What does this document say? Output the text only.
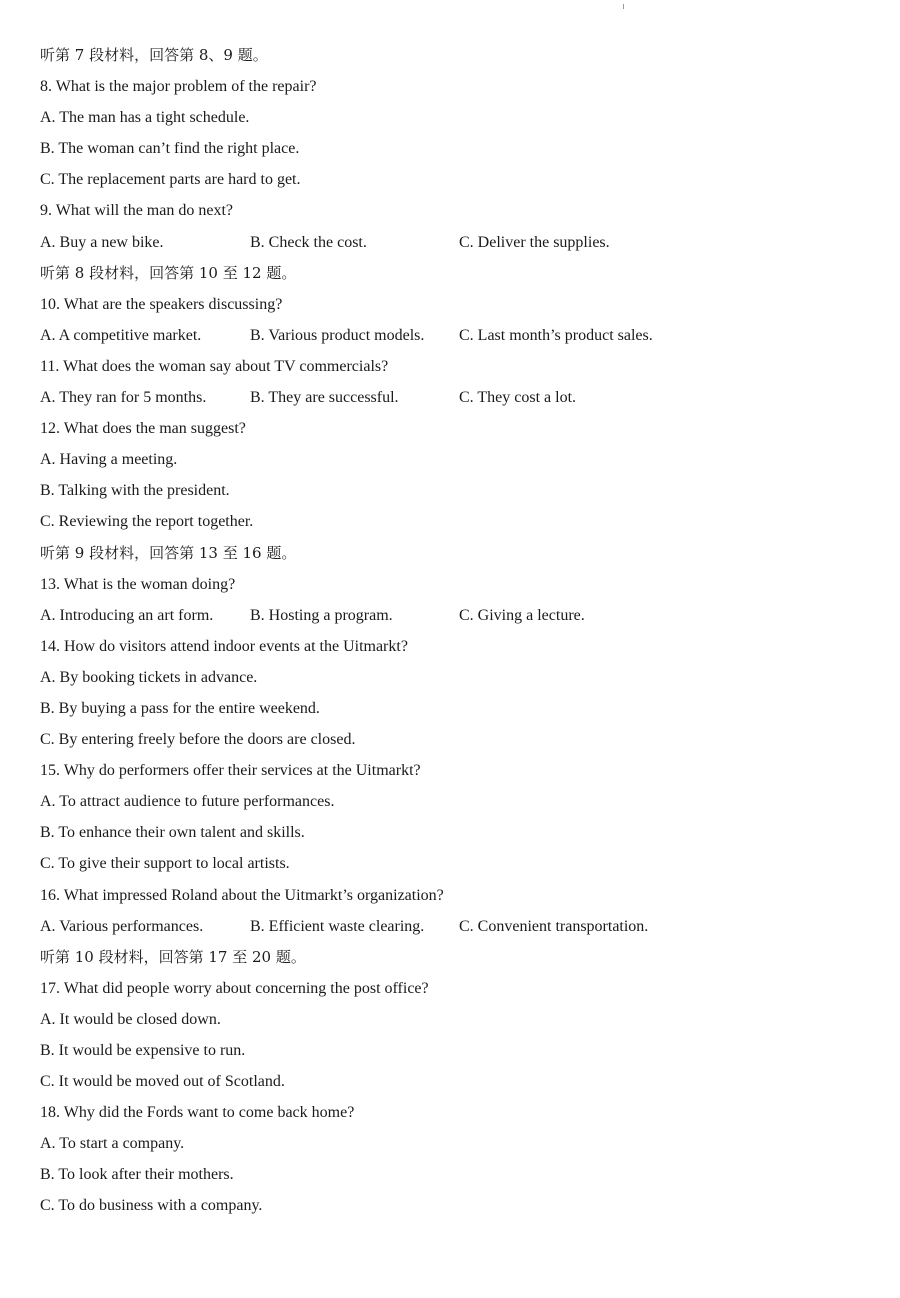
听第 7 段材料，回答第 8、9 题。
8. What is the major problem of the repair?
A. The man has a tight schedule.
B. The woman can’t find the right place.
C. The replacement parts are hard to get.
9. What will the man do next?
A. Buy a new bike.	B. Check the cost.	C. Deliver the supplies.
听第 8 段材料，回答第 10 至 12 题。
10. What are the speakers discussing?
A. A competitive market.	B. Various product models. C. Last month’s product sales.
11. What does the woman say about TV commercials?
A. They ran for 5 months.	B. They are successful.	C. They cost a lot.
12. What does the man suggest?
A. Having a meeting.
B. Talking with the president.
C. Reviewing the report together.
听第 9 段材料，回答第 13 至 16 题。
13. What is the woman doing?
A. Introducing an art form. B. Hosting a program.	C. Giving a lecture.
14. How do visitors attend indoor events at the Uitmarkt?
A. By booking tickets in advance.
B. By buying a pass for the entire weekend.
C. By entering freely before the doors are closed.
15. Why do performers offer their services at the Uitmarkt?
A. To attract audience to future performances.
B. To enhance their own talent and skills.
C. To give their support to local artists.
16. What impressed Roland about the Uitmarkt’s organization?
A. Various performances.	B. Efficient waste clearing. C. Convenient transportation.
听第 10 段材料，回答第 17 至 20 题。
17. What did people worry about concerning the post office?
A. It would be closed down.
B. It would be expensive to run.
C. It would be moved out of Scotland.
18. Why did the Fords want to come back home?
A. To start a company.
B. To look after their mothers.
C. To do business with a company.
